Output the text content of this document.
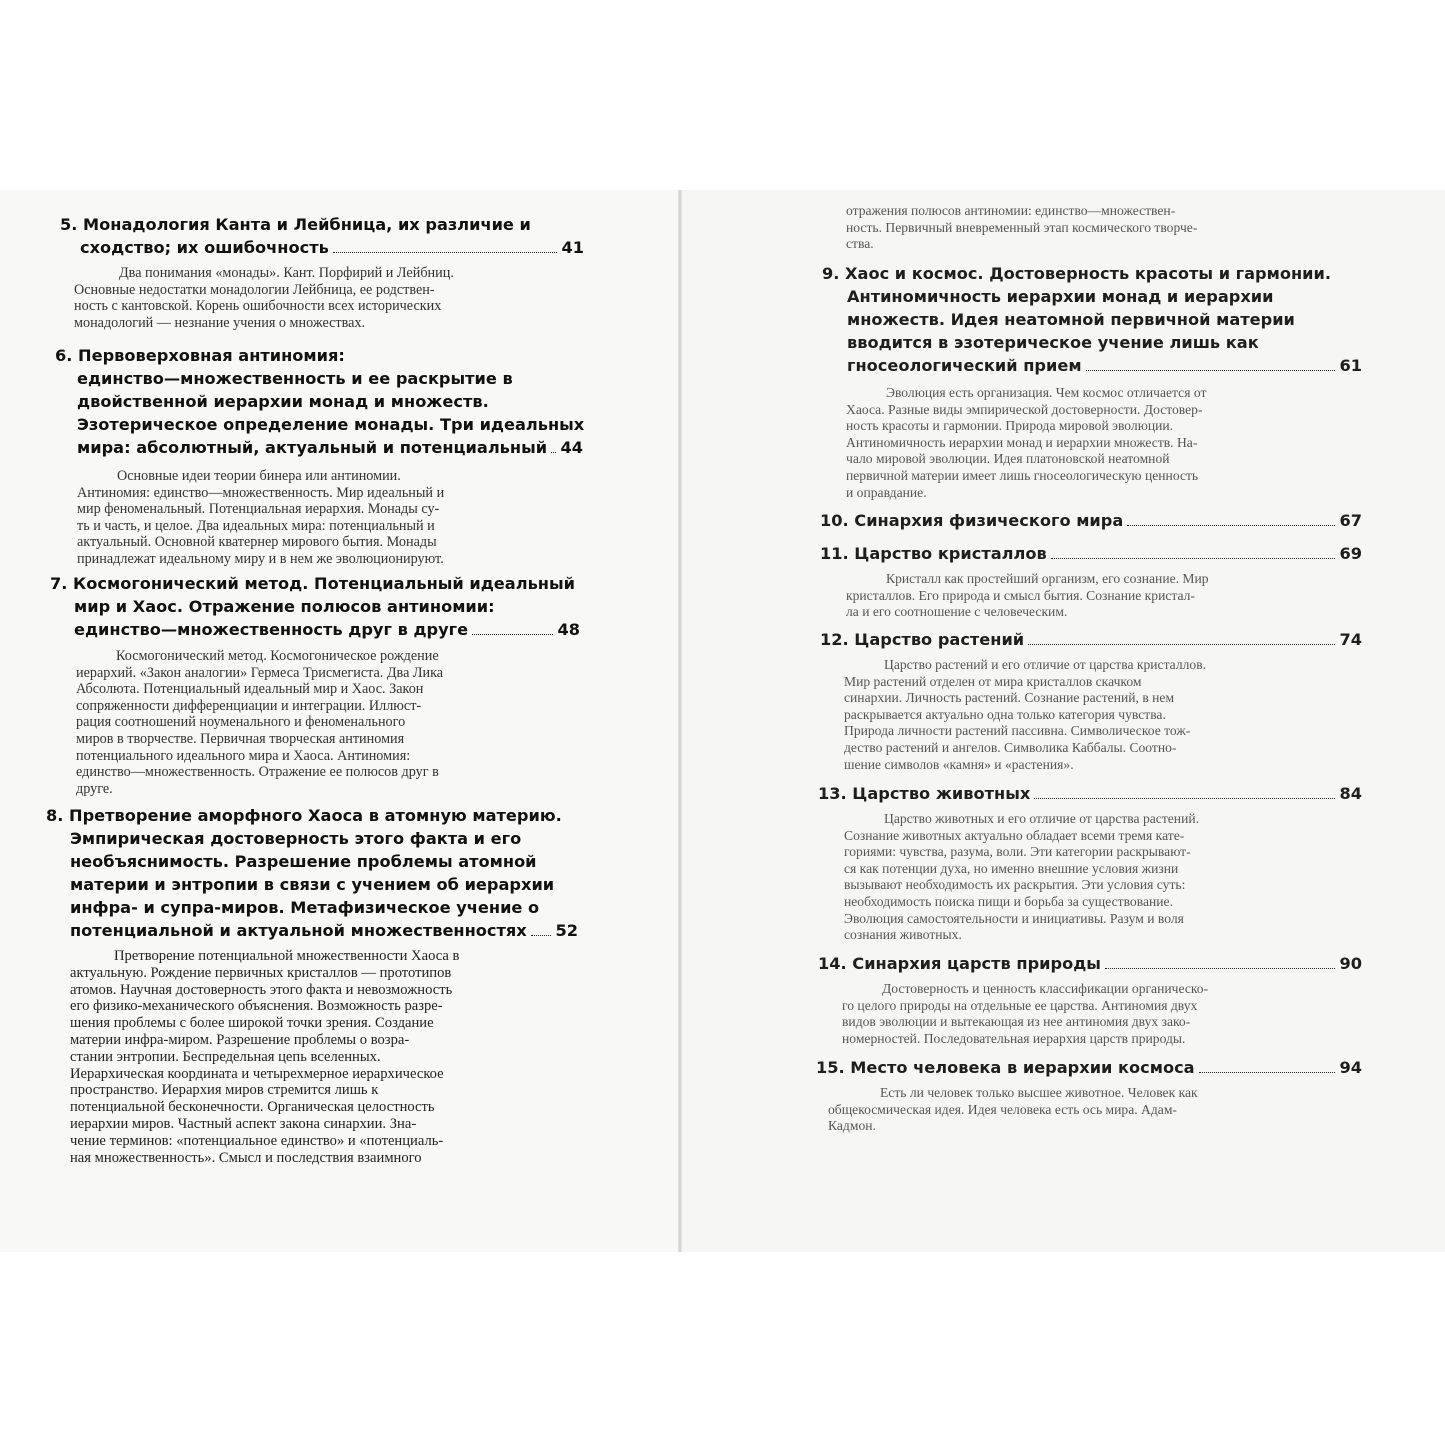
5. Монадология Канта и Лейбница, их различие и
сходство; их ошибочность	41
Два понимания «монады». Кант. Порфирий и Лейбниц.
Основные недостатки монадологии Лейбница, ее родствен-
ность с кантовской. Корень ошибочности всех исторических
монадологий — незнание учения о множествах.
6. Первоверховная антиномия:
единство—множественность и ее раскрытие в
двойственной иерархии монад и множеств.
Эзотерическое определение монады. Три идеальных
мира: абсолютный, актуальный и потенциальный 44
Основные идеи теории бинера или антиномии.
Антиномия: единство—множественность. Мир идеальный и
мир феноменальный. Потенциальная иерархия. Монады су-
ть и часть, и целое. Два идеальных мира: потенциальный и
актуальный. Основной кватернер мирового бытия. Монады
принадлежат идеальному миру и в нем же эволюционируют.
7. Космогонический метод. Потенциальный идеальный
мир и Хаос. Отражение полюсов антиномии:
единство—множественность друг в друге	48
Космогонический метод. Космогоническое рождение
иерархий. «Закон аналогии» Гермеса Трисмегиста. Два Лика
Абсолюта. Потенциальный идеальный мир и Хаос. Закон
сопряженности дифференциации и интеграции. Иллюст-
рация соотношений ноуменального и феноменального
миров в творчестве. Первичная творческая антиномия
потенциального идеального мира и Хаоса. Антиномия:
единство—множественность. Отражение ее полюсов друг в
друге.
8. Претворение аморфного Хаоса в атомную материю.
Эмпирическая достоверность этого факта и его
необъяснимость. Разрешение проблемы атомной
материи и энтропии в связи с учением об иерархии
инфра- и супра-миров. Метафизическое учение о
потенциальной и актуальной множественностях 52
Претворение потенциальной множественности Хаоса в
актуальную. Рождение первичных кристаллов — прототипов
атомов. Научная достоверность этого факта и невозможность
его физико-механического объяснения. Возможность разре-
шения проблемы с более широкой точки зрения. Создание
материи инфра-миром. Разрешение проблемы о возра-
стании энтропии. Беспредельная цепь вселенных.
Иерархическая координата и четырехмерное иерархическое
пространство. Иерархия миров стремится лишь к
потенциальной бесконечности. Органическая целостность
иерархии миров. Частный аспект закона синархии. Зна-
чение терминов: «потенциальное единство» и «потенциаль-
ная множественность». Смысл и последствия взаимного
отражения полюсов антиномии: единство—множествен-
ность. Первичный вневременный этап космического творче-
ства.
9. Хаос и космос. Достоверность красоты и гармонии.
Антиномичность иерархии монад и иерархии
множеств. Идея неатомной первичной материи
вводится в эзотерическое учение лишь как
гносеологический прием	61
Эволюция есть организация. Чем космос отличается от
Хаоса. Разные виды эмпирической достоверности. Достовер-
ность красоты и гармонии. Природа мировой эволюции.
Антиномичность иерархии монад и иерархии множеств. На-
чало мировой эволюции. Идея платоновской неатомной
первичной материи имеет лишь гносеологическую ценность
и оправдание.
10. Синархия физического мира	67
11. Царство кристаллов	69
Кристалл как простейший организм, его сознание. Мир
кристаллов. Его природа и смысл бытия. Сознание кристал-
ла и его соотношение с человеческим.
12. Царство растений	74
Царство растений и его отличие от царства кристаллов.
Мир растений отделен от мира кристаллов скачком
синархии. Личность растений. Сознание растений, в нем
раскрывается актуально одна только категория чувства.
Природа личности растений пассивна. Символическое тож-
дество растений и ангелов. Символика Каббалы. Соотно-
шение символов «камня» и «растения».
13. Царство животных	84
Царство животных и его отличие от царства растений.
Сознание животных актуально обладает всеми тремя кате-
гориями: чувства, разума, воли. Эти категории раскрывают-
ся как потенции духа, но именно внешние условия жизни
вызывают необходимость их раскрытия. Эти условия суть:
необходимость поиска пищи и борьба за существование.
Эволюция самостоятельности и инициативы. Разум и воля
сознания животных.
14. Синархия царств природы	90
Достоверность и ценность классификации органическо-
го целого природы на отдельные ее царства. Антиномия двух
видов эволюции и вытекающая из нее антиномия двух зако-
номерностей. Последовательная иерархия царств природы.
15. Место человека в иерархии космоса	94
Есть ли человек только высшее животное. Человек как
общекосмическая идея. Идея человека есть ось мира. Адам-
Кадмон.
